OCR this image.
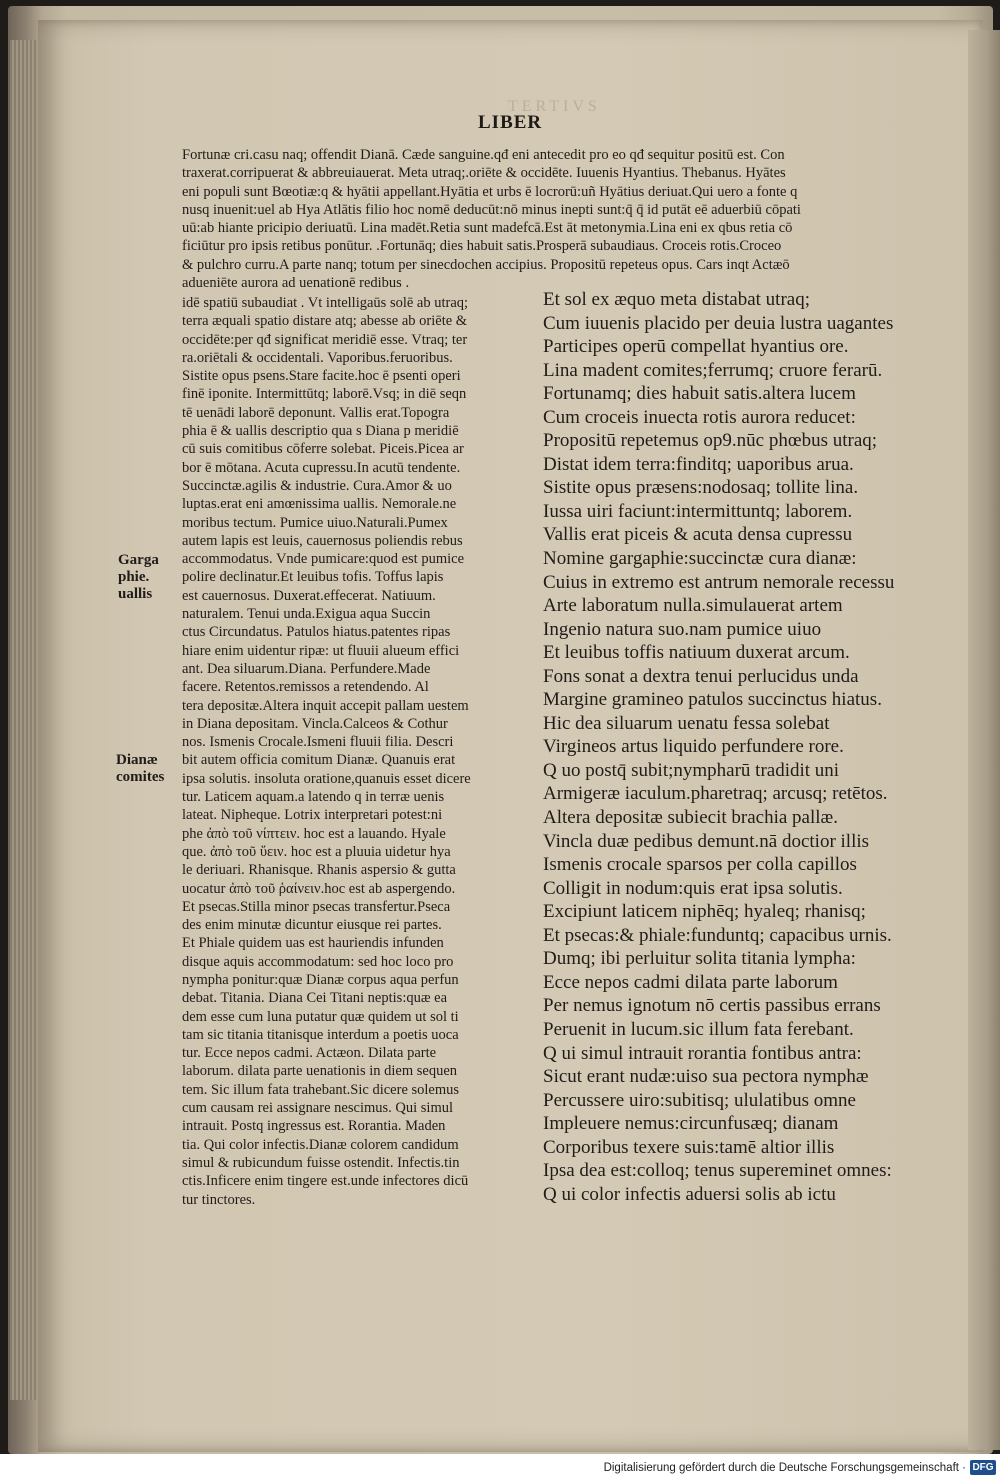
TERTIVS
LIBER
Fortunæ cri.casu naq; offendit Dianā. Cæde sanguine.qđ eni antecedit pro eo qđ sequitur positū est. Con
traxerat.corripuerat & abbreuiauerat. Meta utraq;.oriēte & occidēte. Iuuenis Hyantius. Thebanus. Hyātes
eni populi sunt Bœotiæ:q & hyātii appellant.Hyātia et urbs ē locrorū:uñ Hyātius deriuat.Qui uero a fonte q
nusq inuenit:uel ab Hya Atlātis filio hoc nomē deducūt:nō minus inepti sunt:q̄ q̄ id putāt eē aduerbiū cōpati
uū:ab hiante pricipio deriuatū. Lina madēt.Retia sunt madefcā.Est āt metonymia.Lina eni ex qbus retia cō
ficiūtur pro ipsis retibus ponūtur. .Fortunāq; dies habuit satis.Prosperā subaudiaus. Croceis rotis.Croceo
& pulchro curru.A parte nanq; totum per sinecdochen accipius. Propositū repeteus opus. Cars inqt Actæō
adueniēte aurora ad uenationē redibus .
idē spatiū subaudiat . Vt intelligaūs solē ab utraq;
terra æquali spatio distare atq; abesse ab oriēte &
occidēte:per qđ significat meridiē esse. Vtraq; ter
ra.oriētali & occidentali. Vaporibus.feruoribus.
Sistite opus psens.Stare facite.hoc ē psenti operi
finē iponite. Intermittūtq; laborē.Vsq; in diē seqn
tē uenādi laborē deponunt. Vallis erat.Topogra
phia ē & uallis descriptio qua s Diana p meridiē
cū suis comitibus cōferre solebat. Piceis.Picea ar
bor ē mōtana. Acuta cupressu.In acutū tendente.
Succinctæ.agilis & industrie. Cura.Amor & uo
luptas.erat eni amœnissima uallis. Nemorale.ne
moribus tectum. Pumice uiuo.Naturali.Pumex
autem lapis est leuis, cauernosus poliendis rebus
accommodatus. Vnde pumicare:quod est pumice
polire declinatur.Et leuibus tofis. Toffus lapis
est cauernosus. Duxerat.effecerat. Natiuum.
naturalem. Tenui unda.Exigua aqua Succin
ctus Circundatus. Patulos hiatus.patentes ripas
hiare enim uidentur ripæ: ut fluuii alueum effici
ant. Dea siluarum.Diana. Perfundere.Made
facere. Retentos.remissos a retendendo. Al
tera depositæ.Altera inquit accepit pallam uestem
in Diana depositam. Vincla.Calceos & Cothur
nos. Ismenis Crocale.Ismeni fluuii filia. Descri
bit autem officia comitum Dianæ. Quanuis erat
ipsa solutis. insoluta oratione,quanuis esset dicere
tur. Laticem aquam.a latendo q in terræ uenis
lateat. Nipheque. Lotrix interpretari potest:ni
phe ἀπὸ τοῦ νίπτειν. hoc est a lauando. Hyale
que. ἀπὸ τοῦ ὕειν. hoc est a pluuia uidetur hya
le deriuari. Rhanisque. Rhanis aspersio & gutta
uocatur ἀπὸ τοῦ ῥαίνειν.hoc est ab aspergendo.
Et psecas.Stilla minor psecas transfertur.Pseca
des enim minutæ dicuntur eiusque rei partes.
Et Phiale quidem uas est hauriendis infunden
disque aquis accommodatum: sed hoc loco pro
nympha ponitur:quæ Dianæ corpus aqua perfun
debat. Titania. Diana Cei Titani neptis:quæ ea
dem esse cum luna putatur quæ quidem ut sol ti
tam sic titania titanisque interdum a poetis uoca
tur. Ecce nepos cadmi. Actæon. Dilata parte
laborum. dilata parte uenationis in diem sequen
tem. Sic illum fata trahebant.Sic dicere solemus
cum causam rei assignare nescimus. Qui simul
intrauit. Postq ingressus est. Rorantia. Maden
tia. Qui color infectis.Dianæ colorem candidum
simul & rubicundum fuisse ostendit. Infectis.tin
ctis.Inficere enim tingere est.unde infectores dicū
tur tinctores.
Et sol ex æquo meta distabat utraq;
Cum iuuenis placido per deuia lustra uagantes
Participes operū compellat hyantius ore.
Lina madent comites;ferrumq; cruore ferarū.
Fortunamq; dies habuit satis.altera lucem
Cum croceis inuecta rotis aurora reducet:
Propositū repetemus op9.nūc phœbus utraq;
Distat idem terra:finditq; uaporibus arua.
Sistite opus præsens:nodosaq; tollite lina.
Iussa uiri faciunt:intermittuntq; laborem.
Vallis erat piceis & acuta densa cupressu
Nomine gargaphie:succinctæ cura dianæ:
Cuius in extremo est antrum nemorale recessu
Arte laboratum nulla.simulauerat artem
Ingenio natura suo.nam pumice uiuo
Et leuibus toffis natiuum duxerat arcum.
Fons sonat a dextra tenui perlucidus unda
Margine gramineo patulos succinctus hiatus.
Hic dea siluarum uenatu fessa solebat
Virgineos artus liquido perfundere rore.
Q uo postq̄ subit;nympharū tradidit uni
Armigeræ iaculum.pharetraq; arcusq; retētos.
Altera depositæ subiecit brachia pallæ.
Vincla duæ pedibus demunt.nā doctior illis
Ismenis crocale sparsos per colla capillos
Colligit in nodum:quis erat ipsa solutis.
Excipiunt laticem niphēq; hyaleq; rhanisq;
Et psecas:& phiale:funduntq; capacibus urnis.
Dumq; ibi perluitur solita titania lympha:
Ecce nepos cadmi dilata parte laborum
Per nemus ignotum nō certis passibus errans
Peruenit in lucum.sic illum fata ferebant.
Q ui simul intrauit rorantia fontibus antra:
Sicut erant nudæ:uiso sua pectora nymphæ
Percussere uiro:subitisq; ululatibus omne
Impleuere nemus:circunfusæq; dianam
Corporibus texere suis:tamē altior illis
Ipsa dea est:colloq; tenus supereminet omnes:
Q ui color infectis aduersi solis ab ictu
Garga
phie.
uallis
Dianæ
comites
Digitalisierung gefördert durch die Deutsche Forschungsgemeinschaft · DFG
